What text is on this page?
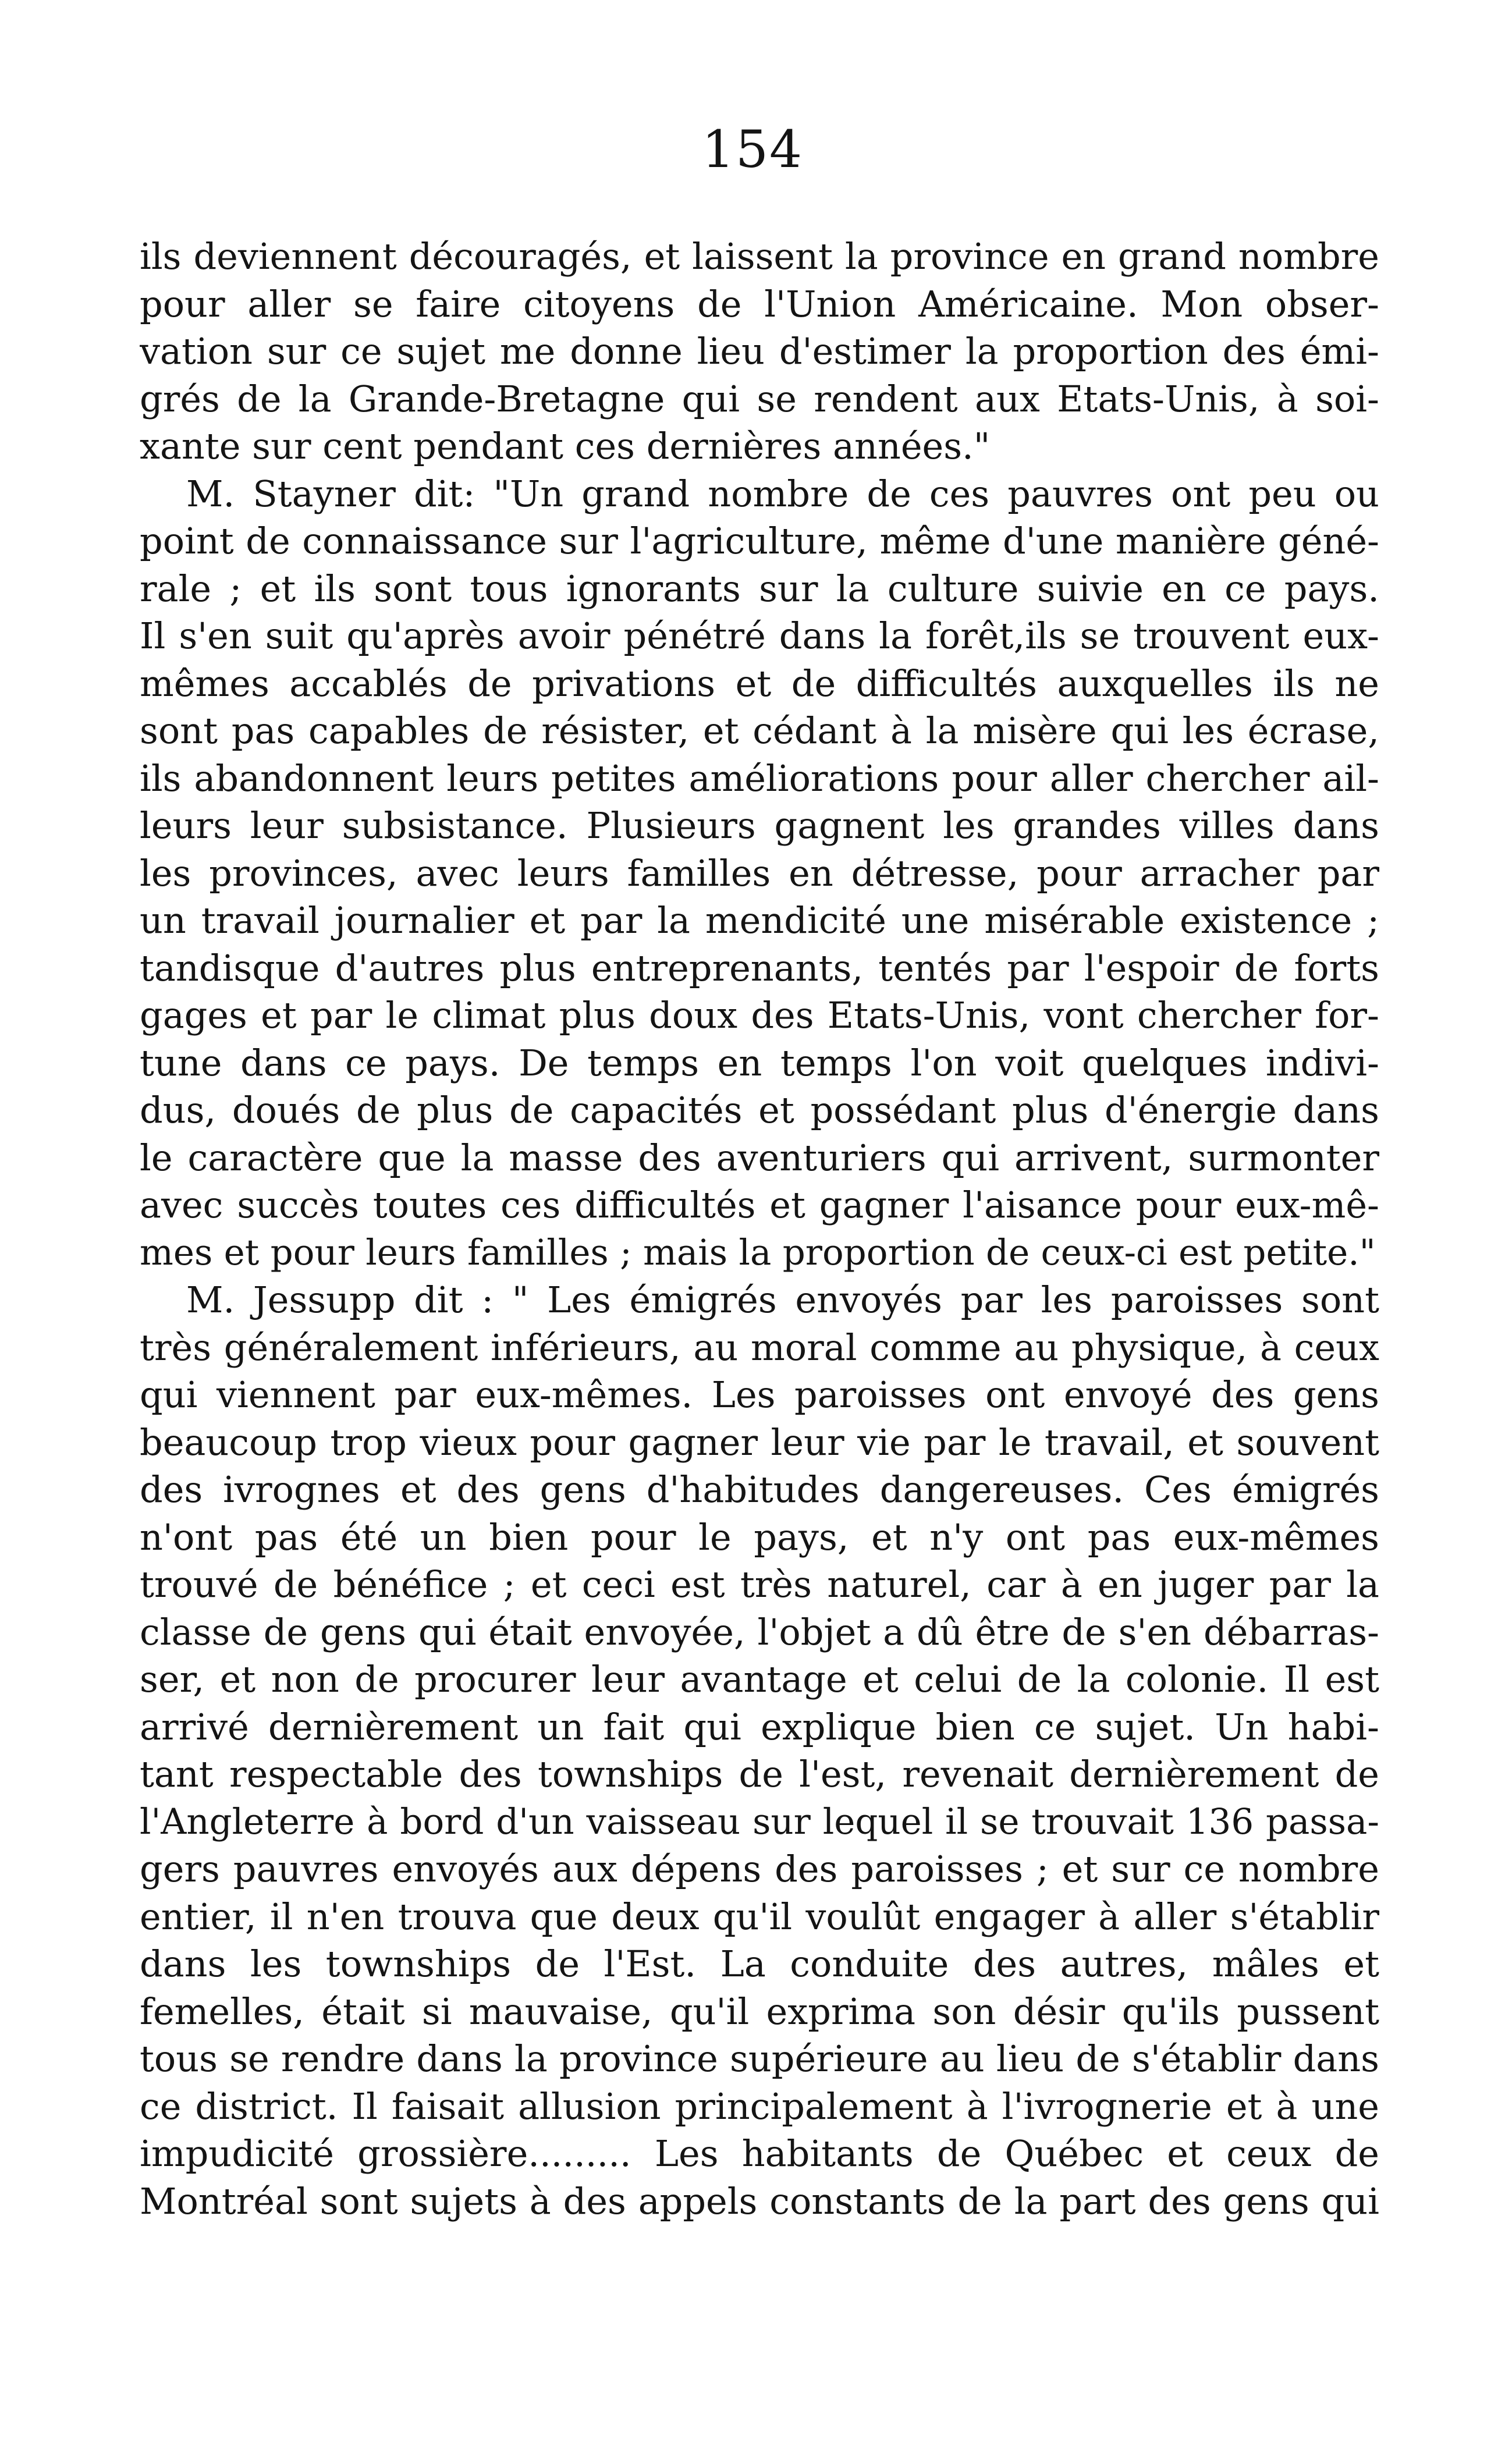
154
ils deviennent découragés, et laissent la province en grand nombre
pour aller se faire citoyens de l'Union Américaine. Mon obser-
vation sur ce sujet me donne lieu d'estimer la proportion des émi-
grés de la Grande-Bretagne qui se rendent aux Etats-Unis, à soi-
xante sur cent pendant ces dernières années."
M. Stayner dit: "Un grand nombre de ces pauvres ont peu ou
point de connaissance sur l'agriculture, même d'une manière géné-
rale ; et ils sont tous ignorants sur la culture suivie en ce pays.
Il s'en suit qu'après avoir pénétré dans la forêt,ils se trouvent eux-
mêmes accablés de privations et de difficultés auxquelles ils ne
sont pas capables de résister, et cédant à la misère qui les écrase,
ils abandonnent leurs petites améliorations pour aller chercher ail-
leurs leur subsistance. Plusieurs gagnent les grandes villes dans
les provinces, avec leurs familles en détresse, pour arracher par
un travail journalier et par la mendicité une misérable existence ;
tandisque d'autres plus entreprenants, tentés par l'espoir de forts
gages et par le climat plus doux des Etats-Unis, vont chercher for-
tune dans ce pays. De temps en temps l'on voit quelques indivi-
dus, doués de plus de capacités et possédant plus d'énergie dans
le caractère que la masse des aventuriers qui arrivent, surmonter
avec succès toutes ces difficultés et gagner l'aisance pour eux-mê-
mes et pour leurs familles ; mais la proportion de ceux-ci est petite."
M. Jessupp dit : " Les émigrés envoyés par les paroisses sont
très généralement inférieurs, au moral comme au physique, à ceux
qui viennent par eux-mêmes. Les paroisses ont envoyé des gens
beaucoup trop vieux pour gagner leur vie par le travail, et souvent
des ivrognes et des gens d'habitudes dangereuses. Ces émigrés
n'ont pas été un bien pour le pays, et n'y ont pas eux-mêmes
trouvé de bénéfice ; et ceci est très naturel, car à en juger par la
classe de gens qui était envoyée, l'objet a dû être de s'en débarras-
ser, et non de procurer leur avantage et celui de la colonie. Il est
arrivé dernièrement un fait qui explique bien ce sujet. Un habi-
tant respectable des townships de l'est, revenait dernièrement de
l'Angleterre à bord d'un vaisseau sur lequel il se trouvait 136 passa-
gers pauvres envoyés aux dépens des paroisses ; et sur ce nombre
entier, il n'en trouva que deux qu'il voulût engager à aller s'établir
dans les townships de l'Est. La conduite des autres, mâles et
femelles, était si mauvaise, qu'il exprima son désir qu'ils pussent
tous se rendre dans la province supérieure au lieu de s'établir dans
ce district. Il faisait allusion principalement à l'ivrognerie et à une
impudicité grossière......... Les habitants de Québec et ceux de
Montréal sont sujets à des appels constants de la part des gens qui
